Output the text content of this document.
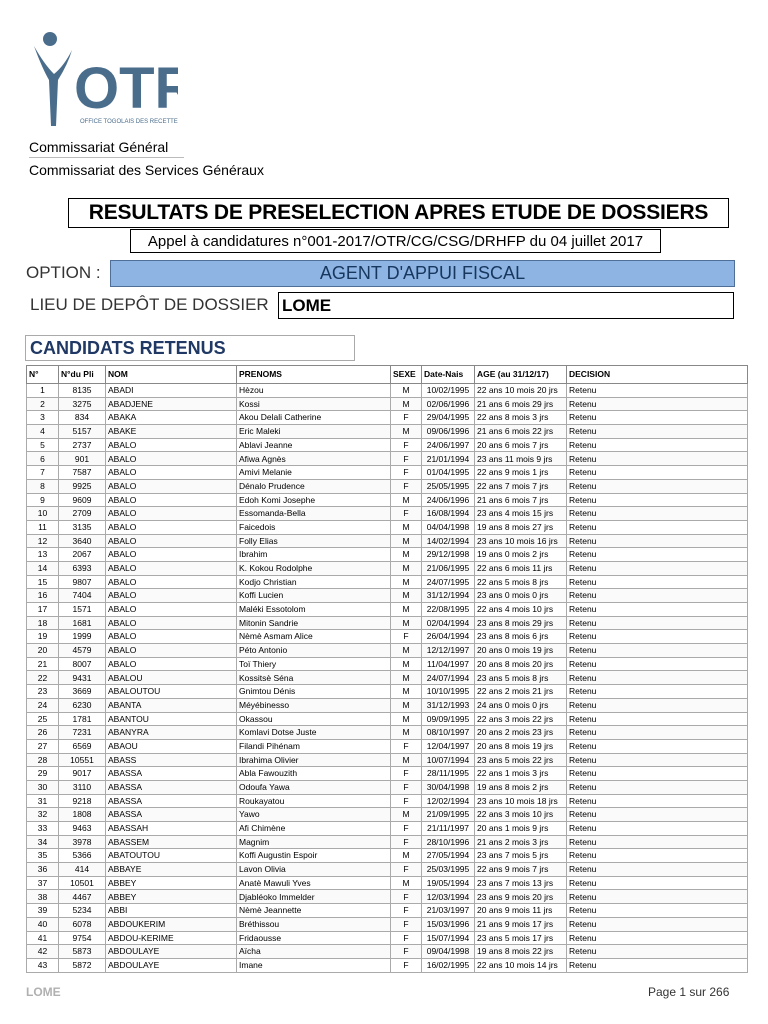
OTR
OFFICE TOGOLAIS DES RECETTES
Commissariat Général
Commissariat des Services Généraux
RESULTATS DE PRESELECTION APRES ETUDE DE DOSSIERS
Appel à candidatures n°001-2017/OTR/CG/CSG/DRHFP du 04 juillet 2017
OPTION :	AGENT D'APPUI FISCAL
LIEU DE DEPÔT DE DOSSIER LOME
CANDIDATS RETENUS
N°	N°du Pli	NOM	PRENOMS	SEXE	Date-Nais	AGE (au 31/12/17)	DECISION
1	8135	ABADI	Hèzou	M	10/02/1995	22 ans 10 mois 20 jrs	Retenu
2	3275	ABADJENE	Kossi	M	02/06/1996	21 ans 6 mois 29 jrs	Retenu
3	834	ABAKA	Akou Delali Catherine	F	29/04/1995	22 ans 8 mois 3 jrs	Retenu
4	5157	ABAKE	Eric Maleki	M	09/06/1996	21 ans 6 mois 22 jrs	Retenu
5	2737	ABALO	Ablavi Jeanne	F	24/06/1997	20 ans 6 mois 7 jrs	Retenu
6	901	ABALO	Afiwa Agnès	F	21/01/1994	23 ans 11 mois 9 jrs	Retenu
7	7587	ABALO	Amivi Melanie	F	01/04/1995	22 ans 9 mois 1 jrs	Retenu
8	9925	ABALO	Dénalo Prudence	F	25/05/1995	22 ans 7 mois 7 jrs	Retenu
9	9609	ABALO	Edoh Komi Josephe	M	24/06/1996	21 ans 6 mois 7 jrs	Retenu
10	2709	ABALO	Essomanda-Bella	F	16/08/1994	23 ans 4 mois 15 jrs	Retenu
11	3135	ABALO	Faicedois	M	04/04/1998	19 ans 8 mois 27 jrs	Retenu
12	3640	ABALO	Folly Elias	M	14/02/1994	23 ans 10 mois 16 jrs	Retenu
13	2067	ABALO	Ibrahim	M	29/12/1998	19 ans 0 mois 2 jrs	Retenu
14	6393	ABALO	K. Kokou Rodolphe	M	21/06/1995	22 ans 6 mois 11 jrs	Retenu
15	9807	ABALO	Kodjo Christian	M	24/07/1995	22 ans 5 mois 8 jrs	Retenu
16	7404	ABALO	Koffi Lucien	M	31/12/1994	23 ans 0 mois 0 jrs	Retenu
17	1571	ABALO	Maléki Essotolom	M	22/08/1995	22 ans 4 mois 10 jrs	Retenu
18	1681	ABALO	Mitonin Sandrie	M	02/04/1994	23 ans 8 mois 29 jrs	Retenu
19	1999	ABALO	Nèmè Asmam Alice	F	26/04/1994	23 ans 8 mois 6 jrs	Retenu
20	4579	ABALO	Péto Antonio	M	12/12/1997	20 ans 0 mois 19 jrs	Retenu
21	8007	ABALO	Toï Thiery	M	11/04/1997	20 ans 8 mois 20 jrs	Retenu
22	9431	ABALOU	Kossitsè Séna	M	24/07/1994	23 ans 5 mois 8 jrs	Retenu
23	3669	ABALOUTOU	Gnimtou Dénis	M	10/10/1995	22 ans 2 mois 21 jrs	Retenu
24	6230	ABANTA	Méyébinesso	M	31/12/1993	24 ans 0 mois 0 jrs	Retenu
25	1781	ABANTOU	Okassou	M	09/09/1995	22 ans 3 mois 22 jrs	Retenu
26	7231	ABANYRA	Komlavi Dotse Juste	M	08/10/1997	20 ans 2 mois 23 jrs	Retenu
27	6569	ABAOU	Filandi Pihénam	F	12/04/1997	20 ans 8 mois 19 jrs	Retenu
28	10551	ABASS	Ibrahima Olivier	M	10/07/1994	23 ans 5 mois 22 jrs	Retenu
29	9017	ABASSA	Abla Fawouzith	F	28/11/1995	22 ans 1 mois 3 jrs	Retenu
30	3110	ABASSA	Odoufa Yawa	F	30/04/1998	19 ans 8 mois 2 jrs	Retenu
31	9218	ABASSA	Roukayatou	F	12/02/1994	23 ans 10 mois 18 jrs	Retenu
32	1808	ABASSA	Yawo	M	21/09/1995	22 ans 3 mois 10 jrs	Retenu
33	9463	ABASSAH	Afi Chimène	F	21/11/1997	20 ans 1 mois 9 jrs	Retenu
34	3978	ABASSEM	Magnim	F	28/10/1996	21 ans 2 mois 3 jrs	Retenu
35	5366	ABATOUTOU	Koffi Augustin Espoir	M	27/05/1994	23 ans 7 mois 5 jrs	Retenu
36	414	ABBAYE	Lavon Olivia	F	25/03/1995	22 ans 9 mois 7 jrs	Retenu
37	10501	ABBEY	Anatè Mawuli Yves	M	19/05/1994	23 ans 7 mois 13 jrs	Retenu
38	4467	ABBEY	Djabléoko Immelder	F	12/03/1994	23 ans 9 mois 20 jrs	Retenu
39	5234	ABBI	Nèmè Jeannette	F	21/03/1997	20 ans 9 mois 11 jrs	Retenu
40	6078	ABDOUKERIM	Bréthissou	F	15/03/1996	21 ans 9 mois 17 jrs	Retenu
41	9754	ABDOU-KERIME	Fridaousse	F	15/07/1994	23 ans 5 mois 17 jrs	Retenu
42	5873	ABDOULAYE	Aïcha	F	09/04/1998	19 ans 8 mois 22 jrs	Retenu
43	5872	ABDOULAYE	Imane	F	16/02/1995	22 ans 10 mois 14 jrs	Retenu
LOME	Page 1 sur 266
